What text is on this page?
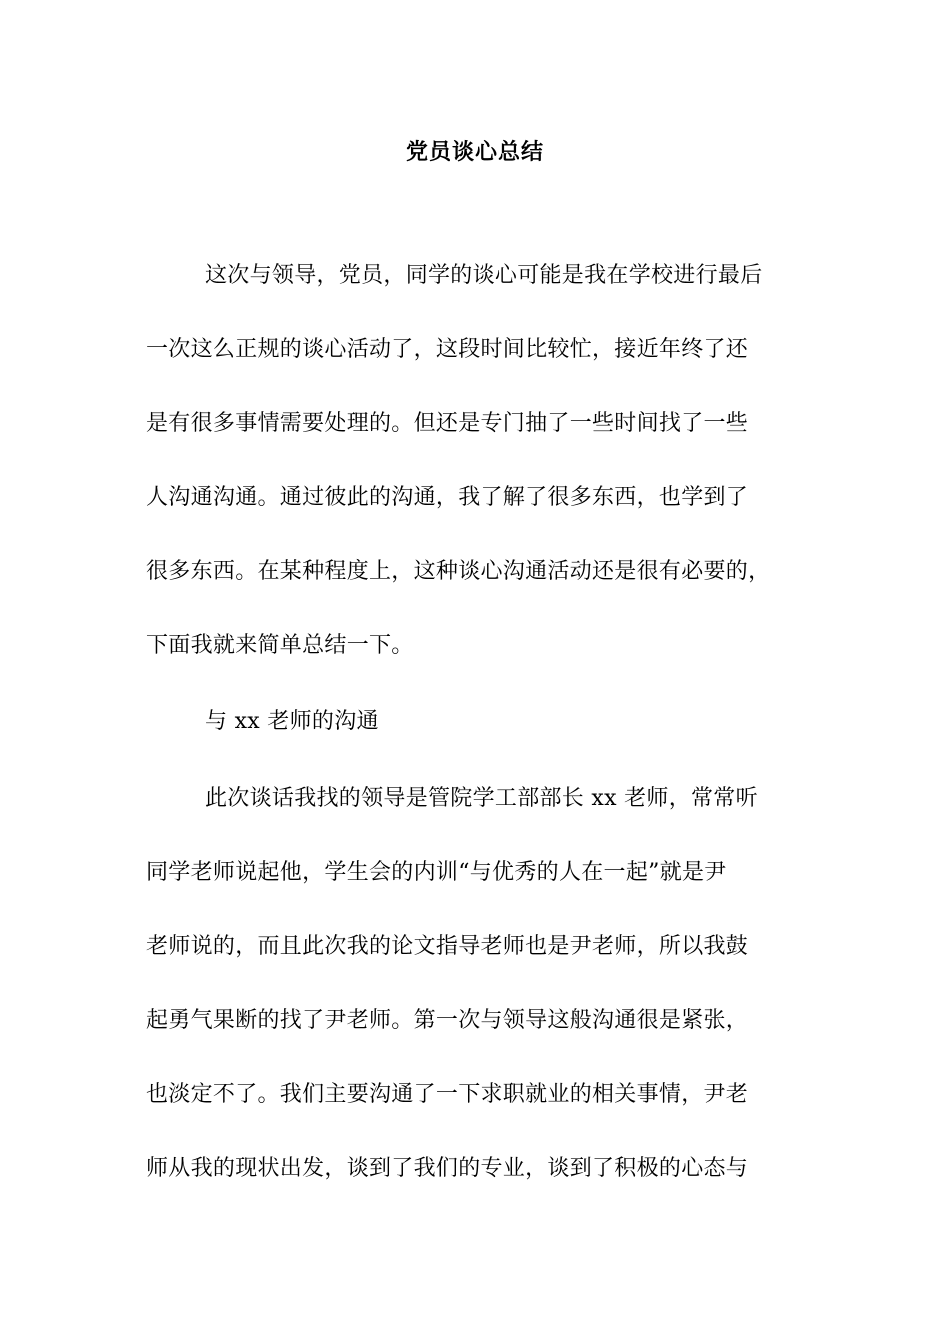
党员谈心总结
这次与领导，党员，同学的谈心可能是我在学校进行最后
一次这么正规的谈心活动了，这段时间比较忙，接近年终了还
是有很多事情需要处理的。但还是专门抽了一些时间找了一些
人沟通沟通。通过彼此的沟通，我了解了很多东西，也学到了
很多东西。在某种程度上，这种谈心沟通活动还是很有必要的，
下面我就来简单总结一下。
与 xx 老师的沟通
此次谈话我找的领导是管院学工部部长 xx 老师，常常听
同学老师说起他，学生会的内训“与优秀的人在一起”就是尹
老师说的，而且此次我的论文指导老师也是尹老师，所以我鼓
起勇气果断的找了尹老师。第一次与领导这般沟通很是紧张，
也淡定不了。我们主要沟通了一下求职就业的相关事情，尹老
师从我的现状出发，谈到了我们的专业，谈到了积极的心态与
